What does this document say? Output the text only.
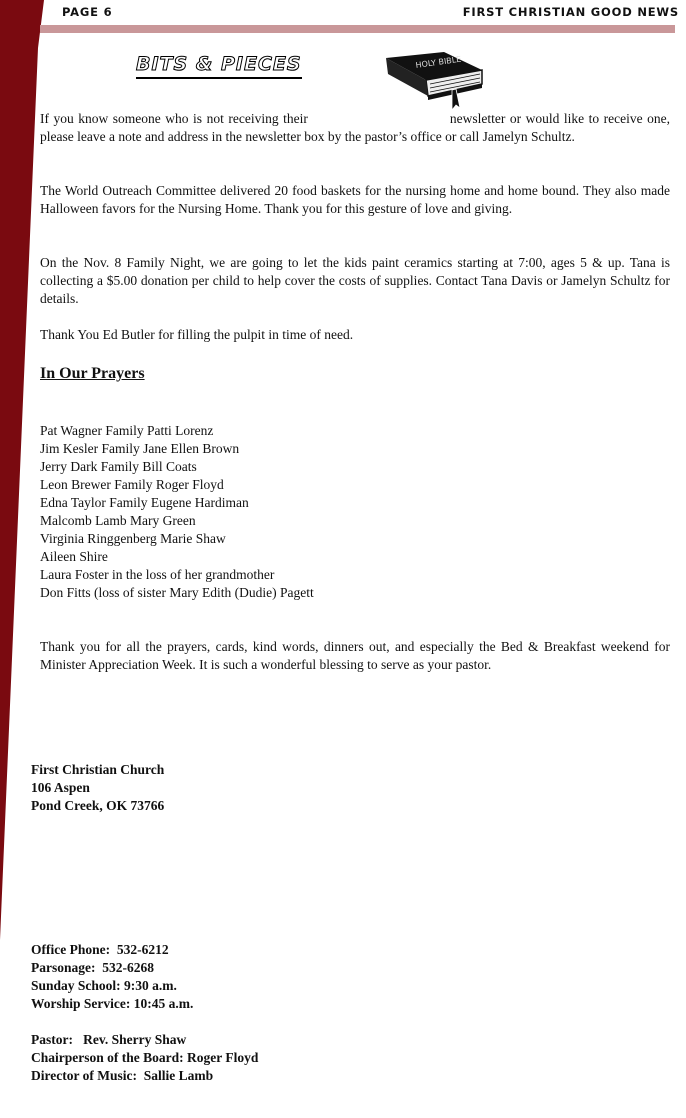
PAGE 6	FIRST CHRISTIAN GOOD NEWS
BITS & PIECES	HOLY BIBLE

If you know someone who is not receiving their	newsletter or would like to receive one, please leave a note and address in the newsletter box by the pastor’s office or call Jamelyn Schultz.

The World Outreach Committee delivered 20 food baskets for the nursing home and home bound. They also made Halloween favors for the Nursing Home. Thank you for this gesture of love and giving.

On the Nov. 8 Family Night, we are going to let the kids paint ceramics starting at 7:00, ages 5 & up. Tana is collecting a $5.00 donation per child to help cover the costs of supplies. Contact Tana Davis or Jamelyn Schultz for details.

Thank You Ed Butler for filling the pulpit in time of need.

In Our Prayers
Pat Wagner Family Patti Lorenz
Jim Kesler Family Jane Ellen Brown
Jerry Dark Family Bill Coats
Leon Brewer Family Roger Floyd
Edna Taylor Family Eugene Hardiman
Malcomb Lamb Mary Green
Virginia Ringgenberg Marie Shaw
Aileen Shire
Laura Foster in the loss of her grandmother
Don Fitts (loss of sister Mary Edith (Dudie) Pagett

Thank you for all the prayers, cards, kind words, dinners out, and especially the Bed & Breakfast weekend for Minister Appreciation Week. It is such a wonderful blessing to serve as your pastor.

First Christian Church
106 Aspen
Pond Creek, OK 73766
Office Phone:  532-6212
Parsonage:  532-6268
Sunday School: 9:30 a.m.
Worship Service: 10:45 a.m.
Pastor:   Rev. Sherry Shaw
Chairperson of the Board: Roger Floyd
Director of Music:  Sallie Lamb
